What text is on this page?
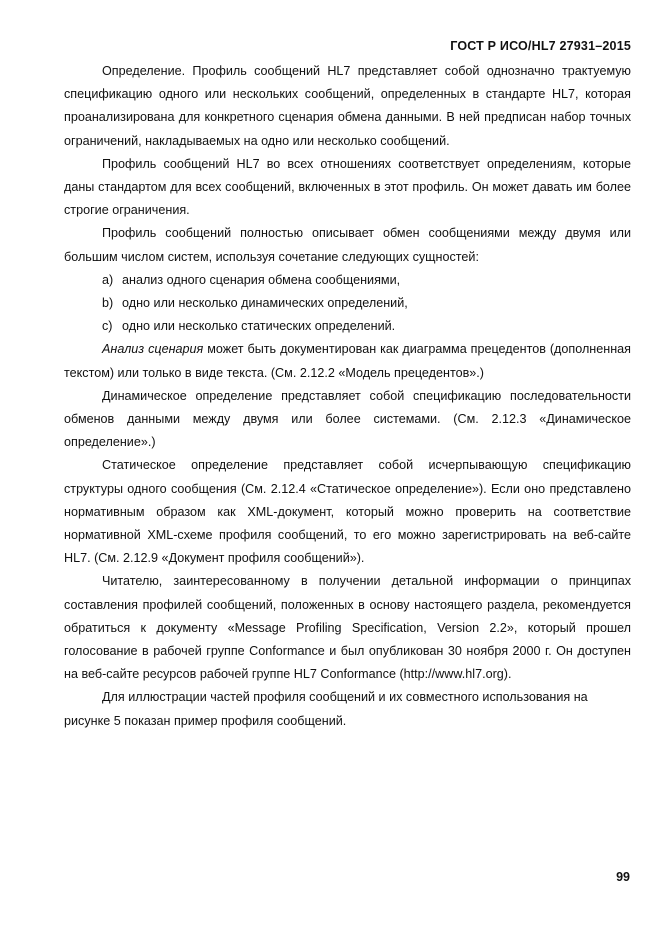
ГОСТ Р ИСО/HL7 27931–2015

Определение. Профиль сообщений HL7 представляет собой однозначно трактуемую спецификацию одного или нескольких сообщений, определенных в стандарте HL7, которая проанализирована для конкретного сценария обмена данными. В ней предписан набор точных ограничений, накладываемых на одно или несколько сообщений.

Профиль сообщений HL7 во всех отношениях соответствует определениям, которые даны стандартом для всех сообщений, включенных в этот профиль. Он может давать им более строгие ограничения.

Профиль сообщений полностью описывает обмен сообщениями между двумя или большим числом систем, используя сочетание следующих сущностей:

a) анализ одного сценария обмена сообщениями,
b) одно или несколько динамических определений,
c) одно или несколько статических определений.

Анализ сценария может быть документирован как диаграмма прецедентов (дополненная текстом) или только в виде текста. (См. 2.12.2 «Модель прецедентов».)

Динамическое определение представляет собой спецификацию последовательности обменов данными между двумя или более системами. (См. 2.12.3 «Динамическое определение».)

Статическое определение представляет собой исчерпывающую спецификацию структуры одного сообщения (См. 2.12.4 «Статическое определение»). Если оно представлено нормативным образом как XML-документ, который можно проверить на соответствие нормативной XML-схеме профиля сообщений, то его можно зарегистрировать на веб-сайте HL7. (См. 2.12.9 «Документ профиля сообщений»).

Читателю, заинтересованному в получении детальной информации о принципах составления профилей сообщений, положенных в основу настоящего раздела, рекомендуется обратиться к документу «Message Profiling Specification, Version 2.2», который прошел голосование в рабочей группе Conformance и был опубликован 30 ноября 2000 г. Он доступен на веб-сайте ресурсов рабочей группе HL7 Conformance (http://www.hl7.org).

Для иллюстрации частей профиля сообщений и их совместного использования на рисунке 5 показан пример профиля сообщений.

99
